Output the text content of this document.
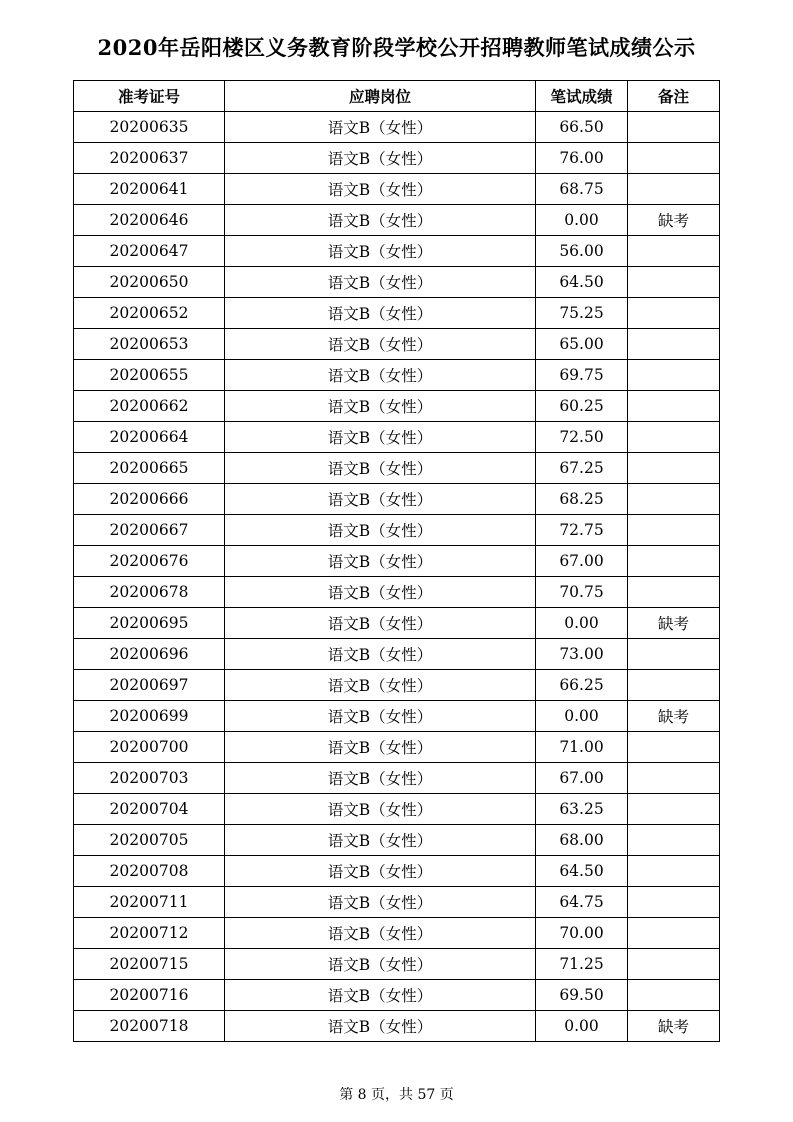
2020年岳阳楼区义务教育阶段学校公开招聘教师笔试成绩公示
准考证号	应聘岗位	笔试成绩	备注
20200635	语文B（女性）	66.50	
20200637	语文B（女性）	76.00	
20200641	语文B（女性）	68.75	
20200646	语文B（女性）	0.00	缺考
20200647	语文B（女性）	56.00	
20200650	语文B（女性）	64.50	
20200652	语文B（女性）	75.25	
20200653	语文B（女性）	65.00	
20200655	语文B（女性）	69.75	
20200662	语文B（女性）	60.25	
20200664	语文B（女性）	72.50	
20200665	语文B（女性）	67.25	
20200666	语文B（女性）	68.25	
20200667	语文B（女性）	72.75	
20200676	语文B（女性）	67.00	
20200678	语文B（女性）	70.75	
20200695	语文B（女性）	0.00	缺考
20200696	语文B（女性）	73.00	
20200697	语文B（女性）	66.25	
20200699	语文B（女性）	0.00	缺考
20200700	语文B（女性）	71.00	
20200703	语文B（女性）	67.00	
20200704	语文B（女性）	63.25	
20200705	语文B（女性）	68.00	
20200708	语文B（女性）	64.50	
20200711	语文B（女性）	64.75	
20200712	语文B（女性）	70.00	
20200715	语文B（女性）	71.25	
20200716	语文B（女性）	69.50	
20200718	语文B（女性）	0.00	缺考
第 8 页，共 57 页
